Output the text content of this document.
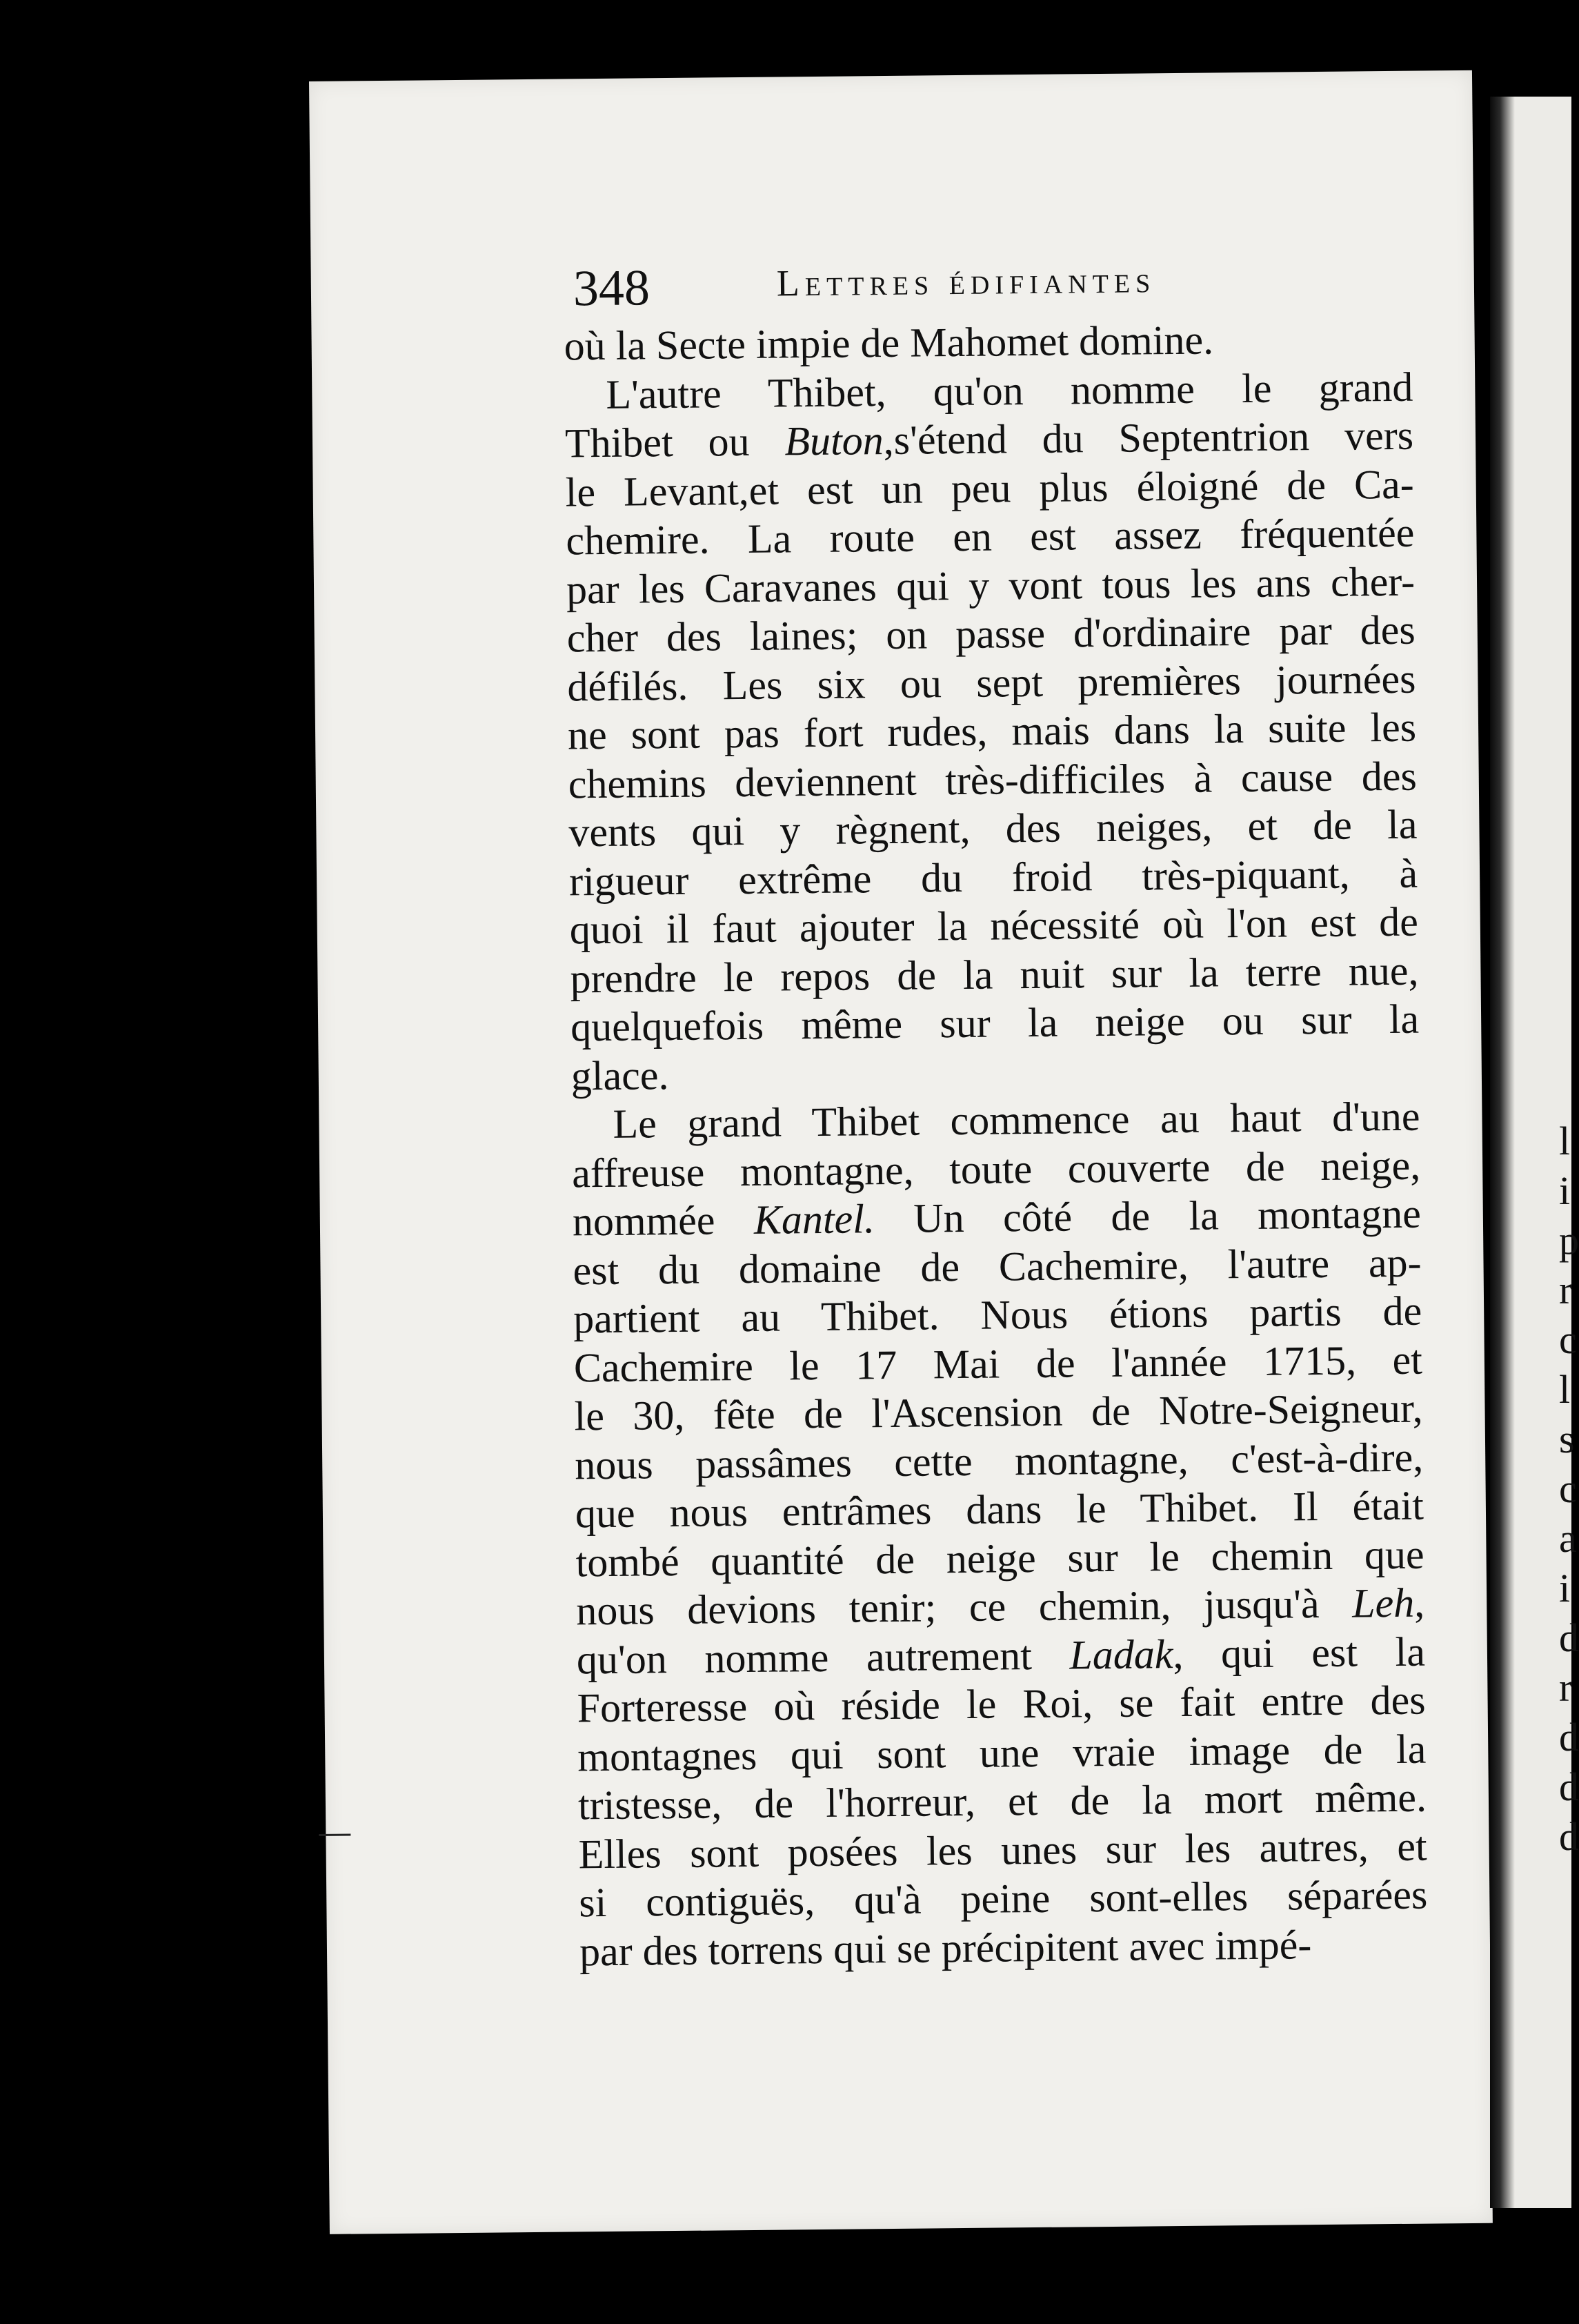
348	Lettres édifiantes
où la Secte impie de Mahomet domine.
L'autre Thibet, qu'on nomme le grand
Thibet ou Buton,s'étend du Septentrion vers
le Levant,et est un peu plus éloigné de Ca-
chemire. La route en est assez fréquentée
par les Caravanes qui y vont tous les ans cher-
cher des laines; on passe d'ordinaire par des
défilés. Les six ou sept premières journées
ne sont pas fort rudes, mais dans la suite les
chemins deviennent très-difficiles à cause des
vents qui y règnent, des neiges, et de la
rigueur extrême du froid très-piquant, à
quoi il faut ajouter la nécessité où l'on est de
prendre le repos de la nuit sur la terre nue,
quelquefois même sur la neige ou sur la
glace.
Le grand Thibet commence au haut d'une
affreuse montagne, toute couverte de neige,
nommée Kantel. Un côté de la montagne
est du domaine de Cachemire, l'autre ap-
partient au Thibet. Nous étions partis de
Cachemire le 17 Mai de l'année 1715, et
le 30, fête de l'Ascension de Notre-Seigneur,
nous passâmes cette montagne, c'est-à-dire,
que nous entrâmes dans le Thibet. Il était
tombé quantité de neige sur le chemin que
nous devions tenir; ce chemin, jusqu'à Leh,
qu'on nomme autrement Ladak, qui est la
Forteresse où réside le Roi, se fait entre des
montagnes qui sont une vraie image de la
tristesse, de l'horreur, et de la mort même.
Elles sont posées les unes sur les autres, et
si contiguës, qu'à peine sont-elles séparées
par des torrens qui se précipitent avec impé-
l
i
p
r
c
l
s
c
a
i
d
r
d
d
d
